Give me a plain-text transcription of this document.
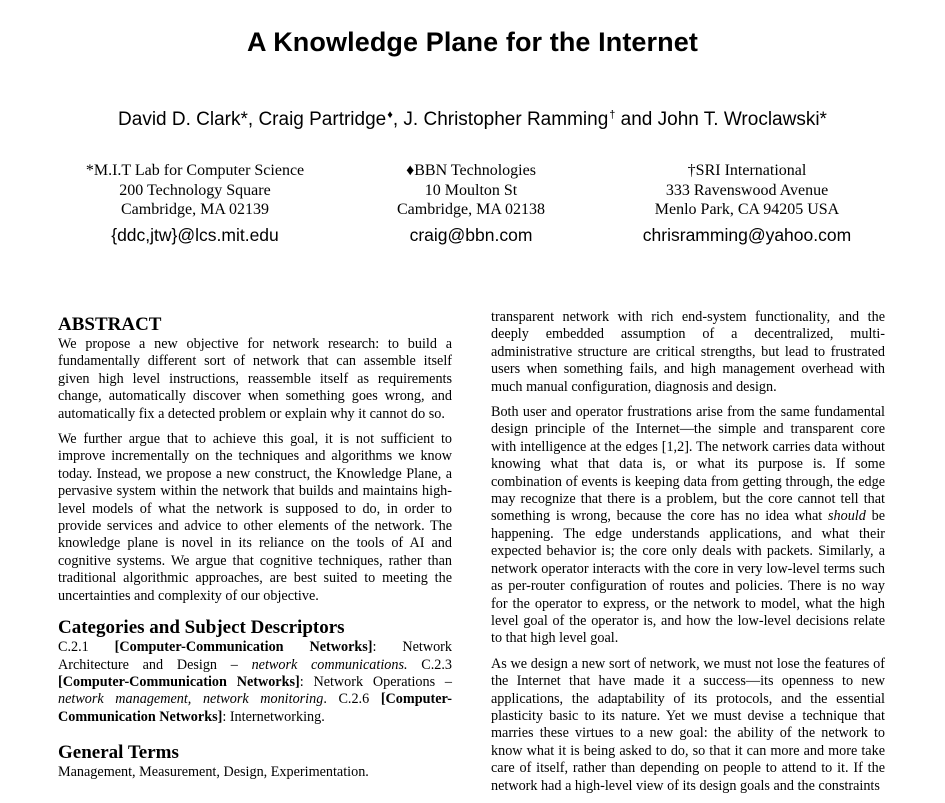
A Knowledge Plane for the Internet
David D. Clark*, Craig Partridge♦, J. Christopher Ramming† and John T. Wroclawski*
*M.I.T Lab for Computer Science
200 Technology Square
Cambridge, MA 02139
{ddc,jtw}@lcs.mit.edu
♦BBN Technologies
10 Moulton St
Cambridge, MA 02138
craig@bbn.com
†SRI International
333 Ravenswood Avenue
Menlo Park, CA 94205 USA
chrisramming@yahoo.com
ABSTRACT

We propose a new objective for network research: to build a fundamentally different sort of network that can assemble itself given high level instructions, reassemble itself as requirements change, automatically discover when something goes wrong, and automatically fix a detected problem or explain why it cannot do so.

We further argue that to achieve this goal, it is not sufficient to improve incrementally on the techniques and algorithms we know today. Instead, we propose a new construct, the Knowledge Plane, a pervasive system within the network that builds and maintains high-level models of what the network is supposed to do, in order to provide services and advice to other elements of the network. The knowledge plane is novel in its reliance on the tools of AI and cognitive systems. We argue that cognitive techniques, rather than traditional algorithmic approaches, are best suited to meeting the uncertainties and complexity of our objective.

Categories and Subject Descriptors

C.2.1 [Computer-Communication Networks]: Network Architecture and Design – network communications. C.2.3 [Computer-Communication Networks]: Network Operations – network management, network monitoring. C.2.6 [Computer-Communication Networks]: Internetworking.

General Terms

Management, Measurement, Design, Experimentation.

transparent network with rich end-system functionality, and the deeply embedded assumption of a decentralized, multi-administrative structure are critical strengths, but lead to frustrated users when something fails, and high management overhead with much manual configuration, diagnosis and design.

Both user and operator frustrations arise from the same fundamental design principle of the Internet—the simple and transparent core with intelligence at the edges [1,2]. The network carries data without knowing what that data is, or what its purpose is. If some combination of events is keeping data from getting through, the edge may recognize that there is a problem, but the core cannot tell that something is wrong, because the core has no idea what should be happening. The edge understands applications, and what their expected behavior is; the core only deals with packets. Similarly, a network operator interacts with the core in very low-level terms such as per-router configuration of routes and policies. There is no way for the operator to express, or the network to model, what the high level goal of the operator is, and how the low-level decisions relate to that high level goal.

As we design a new sort of network, we must not lose the features of the Internet that have made it a success—its openness to new applications, the adaptability of its protocols, and the essential plasticity basic to its nature. Yet we must devise a technique that marries these virtues to a new goal: the ability of the network to know what it is being asked to do, so that it can more and more take care of itself, rather than depending on people to attend to it. If the network had a high-level view of its design goals and the constraints
